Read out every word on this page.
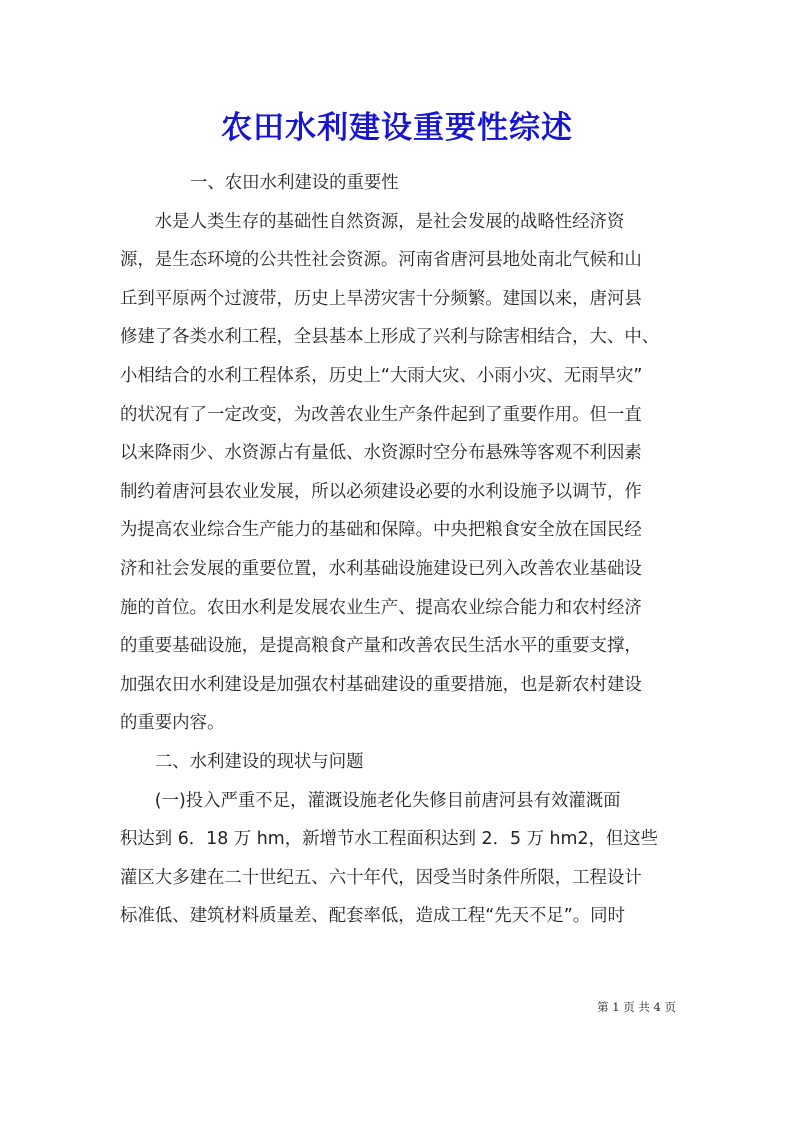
农田水利建设重要性综述
一、农田水利建设的重要性
　　水是人类生存的基础性自然资源，是社会发展的战略性经济资
源，是生态环境的公共性社会资源。河南省唐河县地处南北气候和山
丘到平原两个过渡带，历史上旱涝灾害十分频繁。建国以来，唐河县
修建了各类水利工程，全县基本上形成了兴利与除害相结合，大、中、
小相结合的水利工程体系，历史上“大雨大灾、小雨小灾、无雨旱灾”
的状况有了一定改变，为改善农业生产条件起到了重要作用。但一直
以来降雨少、水资源占有量低、水资源时空分布悬殊等客观不利因素
制约着唐河县农业发展，所以必须建设必要的水利设施予以调节，作
为提高农业综合生产能力的基础和保障。中央把粮食安全放在国民经
济和社会发展的重要位置，水利基础设施建设已列入改善农业基础设
施的首位。农田水利是发展农业生产、提高农业综合能力和农村经济
的重要基础设施，是提高粮食产量和改善农民生活水平的重要支撑，
加强农田水利建设是加强农村基础建设的重要措施，也是新农村建设
的重要内容。
　　二、水利建设的现状与问题
　　(一)投入严重不足，灌溉设施老化失修目前唐河县有效灌溉面
积达到 6．18 万 hm，新增节水工程面积达到 2．5 万 hm2，但这些
灌区大多建在二十世纪五、六十年代，因受当时条件所限，工程设计
标准低、建筑材料质量差、配套率低，造成工程“先天不足”。同时
第 1 页 共 4 页
